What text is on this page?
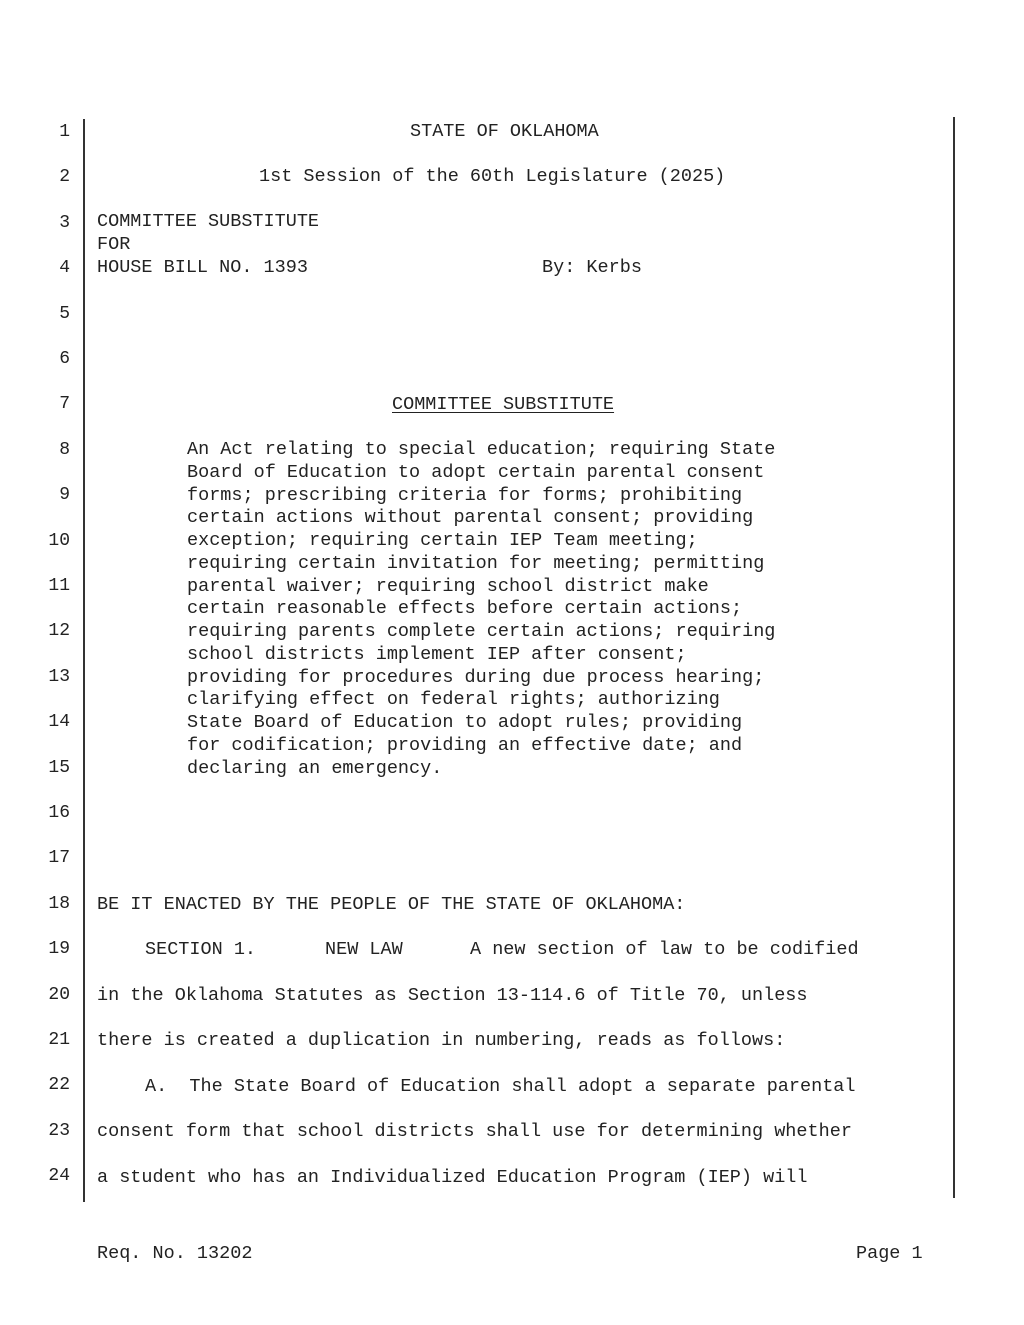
1
2
3
4
5
6
7
8
9
10
11
12
13
14
15
16
17
18
19
20
21
22
23
24
STATE OF OKLAHOMA
1st Session of the 60th Legislature (2025)
COMMITTEE SUBSTITUTE
FOR
HOUSE BILL NO. 1393	By: Kerbs
COMMITTEE SUBSTITUTE
An Act relating to special education; requiring State
Board of Education to adopt certain parental consent
forms; prescribing criteria for forms; prohibiting
certain actions without parental consent; providing
exception; requiring certain IEP Team meeting;
requiring certain invitation for meeting; permitting
parental waiver; requiring school district make
certain reasonable effects before certain actions;
requiring parents complete certain actions; requiring
school districts implement IEP after consent;
providing for procedures during due process hearing;
clarifying effect on federal rights; authorizing
State Board of Education to adopt rules; providing
for codification; providing an effective date; and
declaring an emergency.
BE IT ENACTED BY THE PEOPLE OF THE STATE OF OKLAHOMA:
SECTION 1.	NEW LAW	A new section of law to be codified
in the Oklahoma Statutes as Section 13-114.6 of Title 70, unless
there is created a duplication in numbering, reads as follows:
A.  The State Board of Education shall adopt a separate parental
consent form that school districts shall use for determining whether
a student who has an Individualized Education Program (IEP) will
Req. No. 13202	Page 1
